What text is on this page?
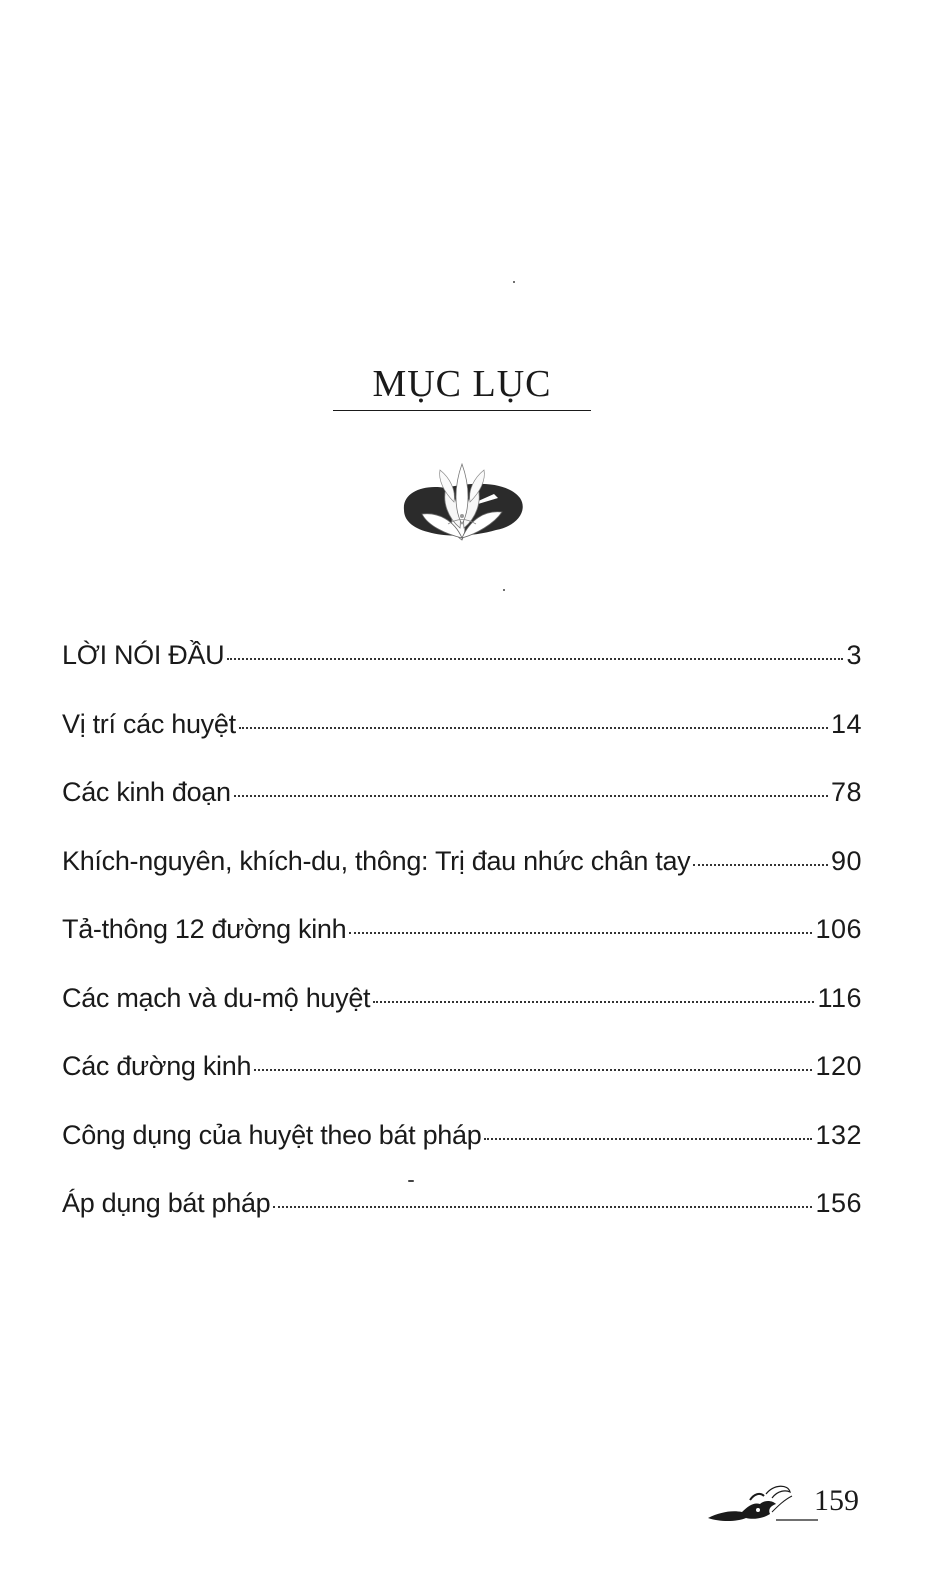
MỤC LỤC
LỜI NÓI ĐẦU	3
Vị trí các huyệt	14
Các kinh đoạn	78
Khích-nguyên, khích-du, thông: Trị đau nhức chân tay	90
Tả-thông 12 đường kinh	106
Các mạch và du-mộ huyệt	116
Các đường kinh	120
Công dụng của huyệt theo bát pháp	132
Áp dụng bát pháp	156
159
